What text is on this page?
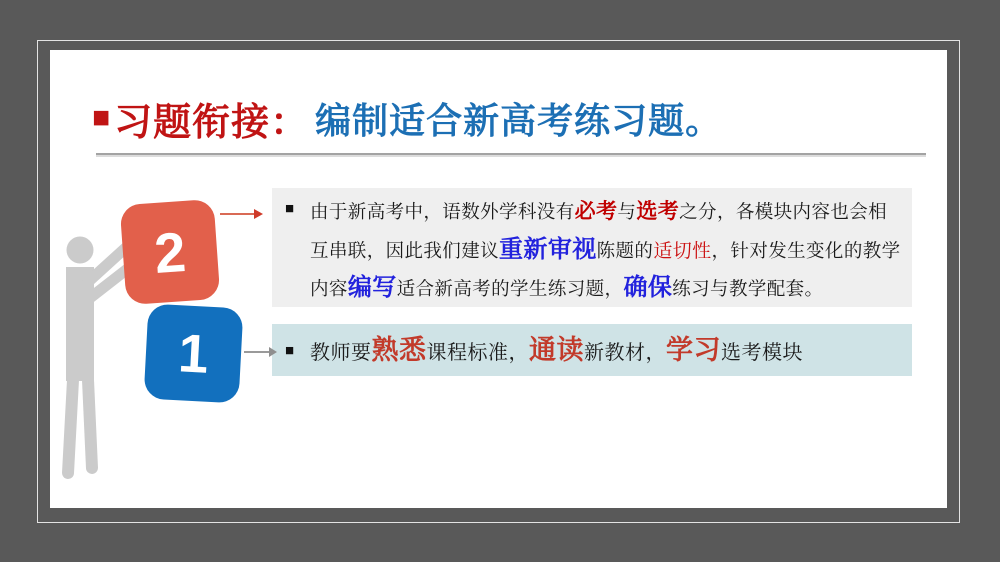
■ 习题衔接： 编制适合新高考练习题。
2
1
■ 由于新高考中，语数外学科没有必考与选考之分，各模块内容也会相
互串联，因此我们建议重新审视陈题的适切性，针对发生变化的教学
内容编写适合新高考的学生练习题，确保练习与教学配套。
■ 教师要熟悉课程标准，通读新教材，学习选考模块
